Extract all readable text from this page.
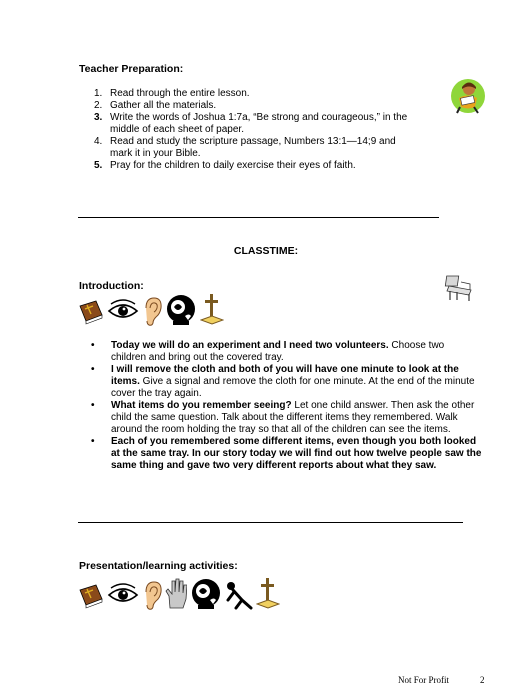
Teacher Preparation:
1. Read through the entire lesson.
2. Gather all the materials.
3. Write the words of Joshua 1:7a, “Be strong and courageous,” in the middle of each sheet of paper.
4. Read and study the scripture passage, Numbers 13:1—14;9 and mark it in your Bible.
5. Pray for the children to daily exercise their eyes of faith.
CLASSTIME:
Introduction:
• Today we will do an experiment and I need two volunteers. Choose two children and bring out the covered tray.
• I will remove the cloth and both of you will have one minute to look at the items. Give a signal and remove the cloth for one minute. At the end of the minute cover the tray again.
• What items do you remember seeing? Let one child answer. Then ask the other child the same question. Talk about the different items they remembered. Walk around the room holding the tray so that all of the children can see the items.
• Each of you remembered some different items, even though you both looked at the same tray. In our story today we will find out how twelve people saw the same thing and gave two very different reports about what they saw.
Presentation/learning activities:
Not For Profit	2
